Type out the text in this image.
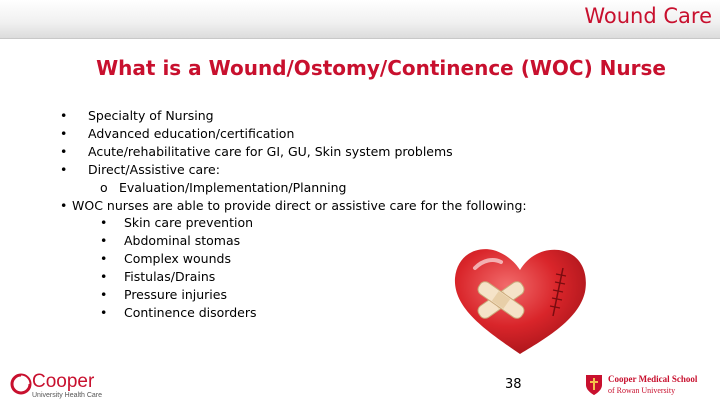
Wound Care
What is a Wound/Ostomy/Continence (WOC) Nurse
• Specialty of Nursing
• Advanced education/certification
• Acute/rehabilitative care for GI, GU, Skin system problems
• Direct/Assistive care:
o Evaluation/Implementation/Planning
• WOC nurses are able to provide direct or assistive care for the following:
• Skin care prevention
• Abdominal stomas
• Complex wounds
• Fistulas/Drains
• Pressure injuries
• Continence disorders
Cooper
University Health Care
38	Cooper Medical School
of Rowan University
